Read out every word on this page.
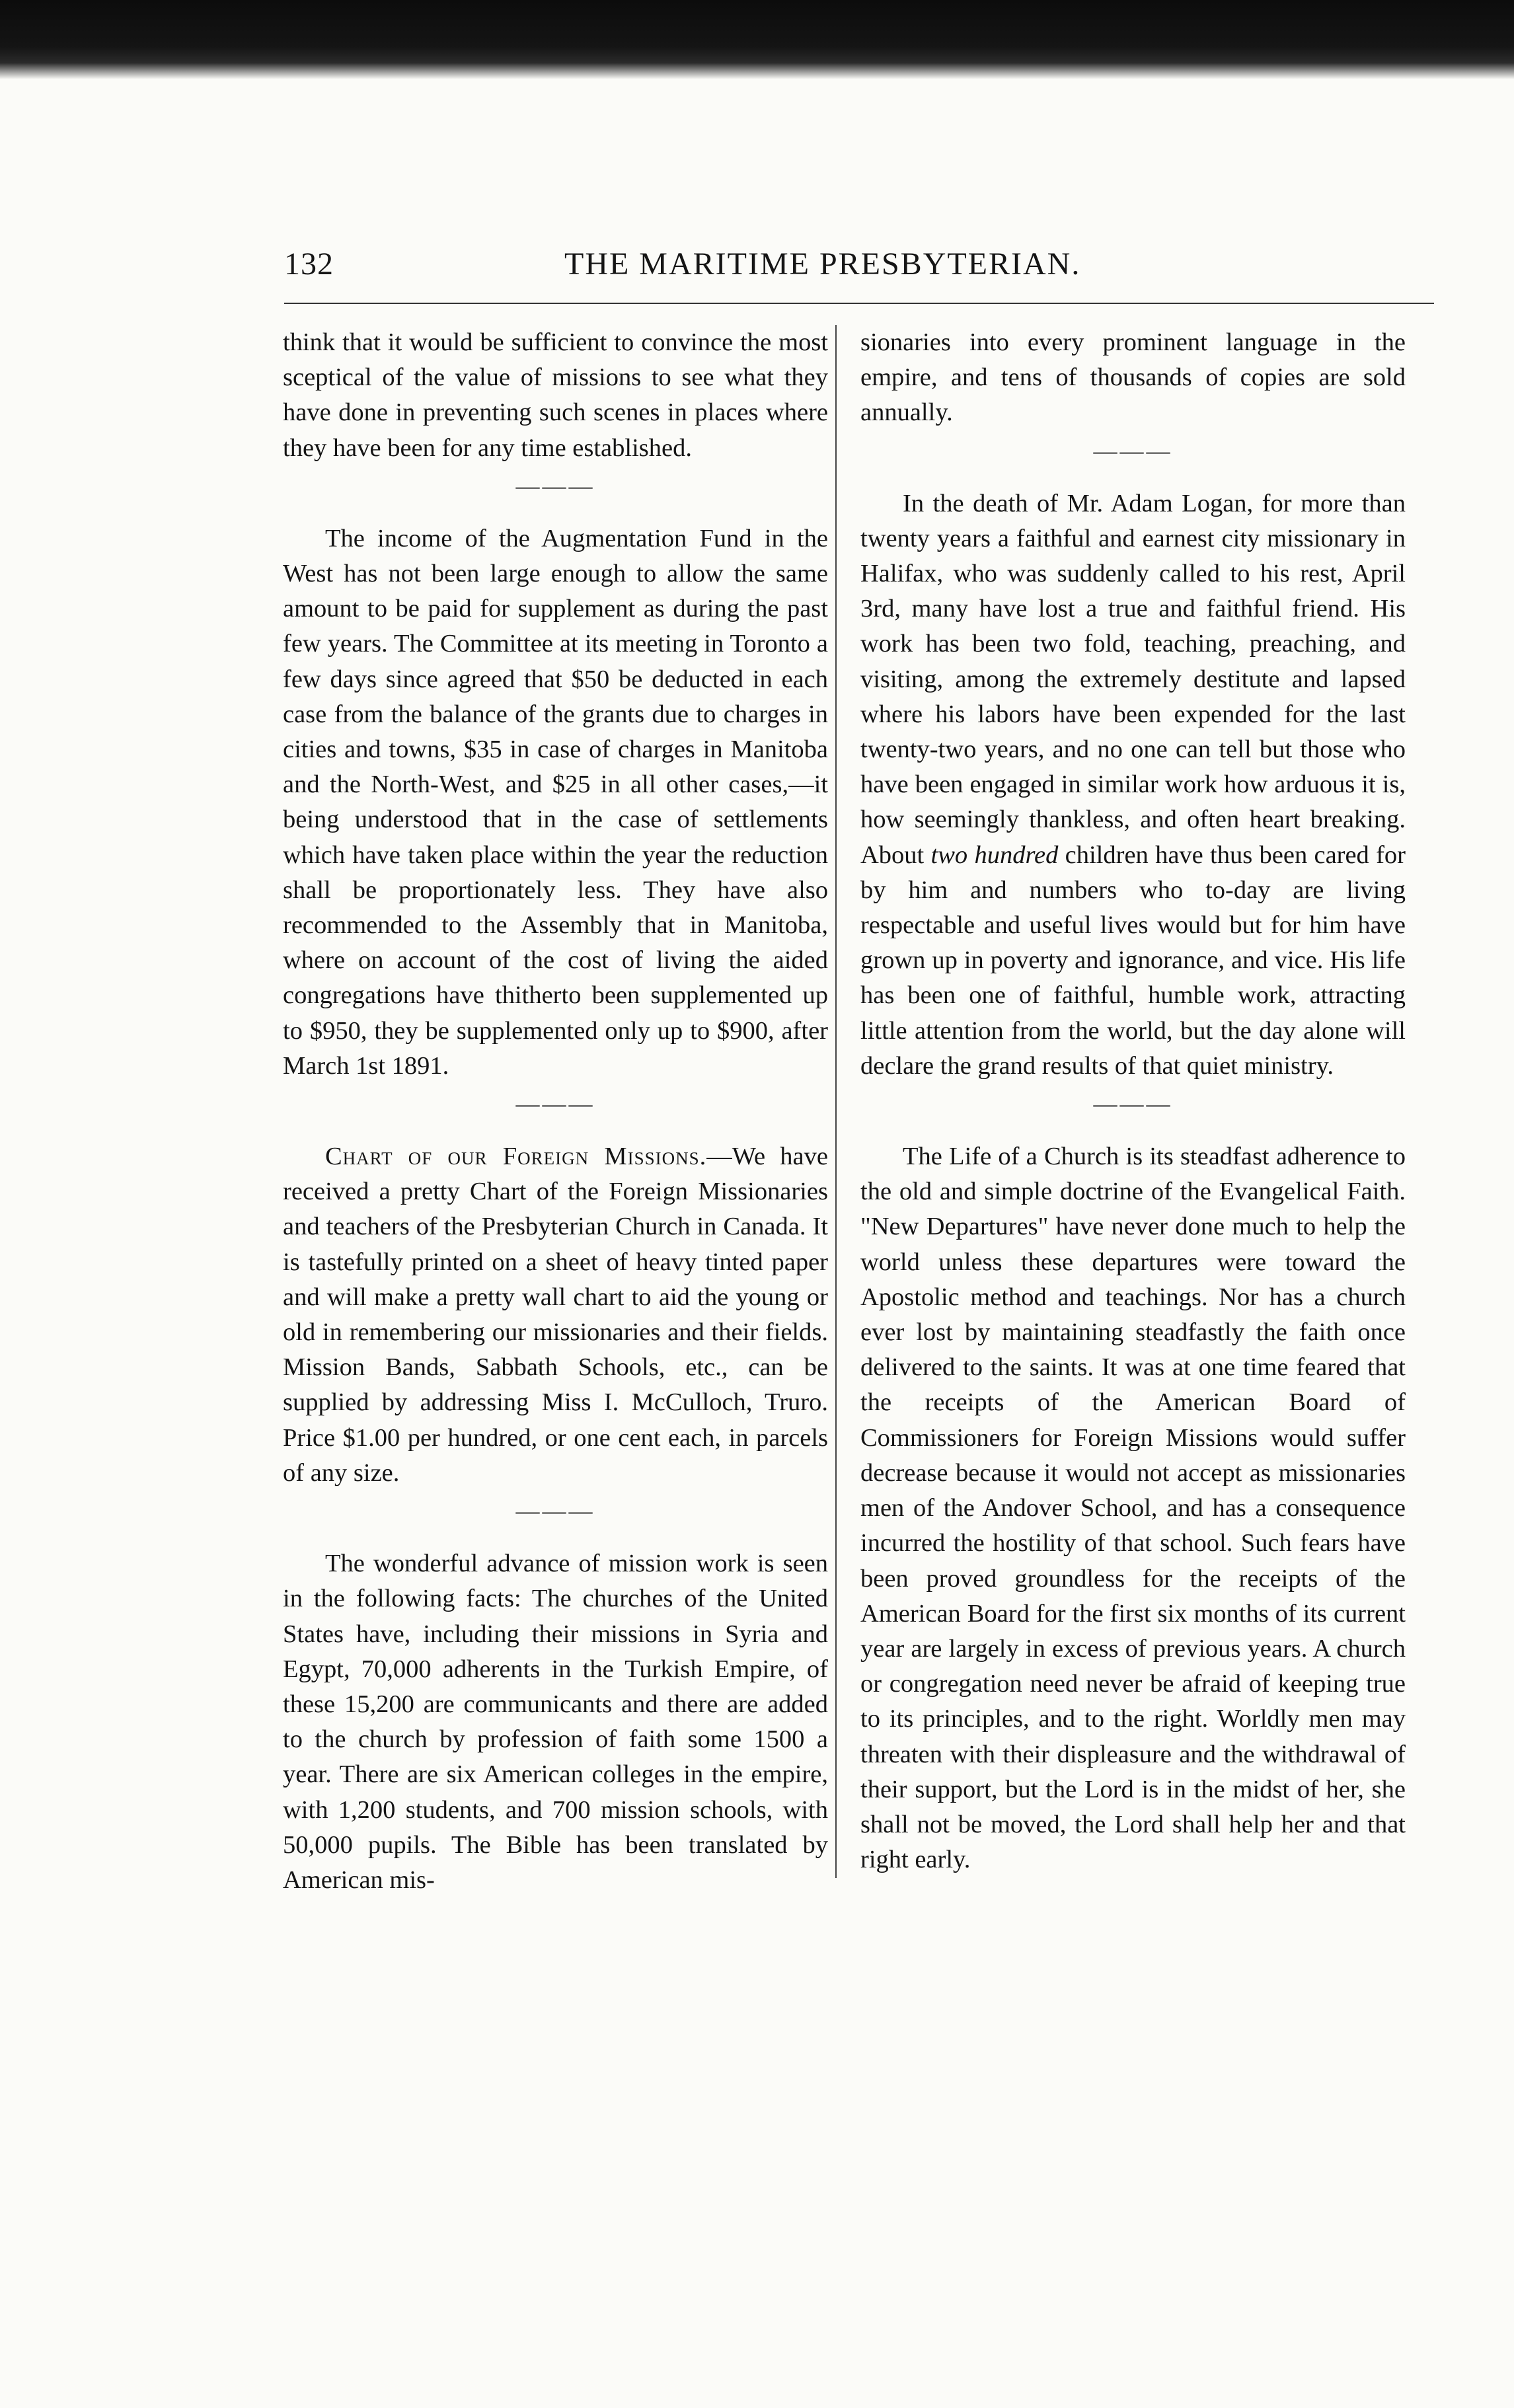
132	THE MARITIME PRESBYTERIAN.

think that it would be sufficient to convince the most sceptical of the value of missions to see what they have done in preventing such scenes in places where they have been for any time established.

———

The income of the Augmentation Fund in the West has not been large enough to allow the same amount to be paid for supplement as during the past few years. The Committee at its meeting in Toronto a few days since agreed that $50 be deducted in each case from the balance of the grants due to charges in cities and towns, $35 in case of charges in Manitoba and the North-West, and $25 in all other cases,—it being understood that in the case of settlements which have taken place within the year the reduction shall be proportionately less. They have also recommended to the Assembly that in Manitoba, where on account of the cost of living the aided congregations have thitherto been supplemented up to $950, they be supplemented only up to $900, after March 1st 1891.

———

Chart of our Foreign Missions.—We have received a pretty Chart of the Foreign Missionaries and teachers of the Presbyterian Church in Canada. It is tastefully printed on a sheet of heavy tinted paper and will make a pretty wall chart to aid the young or old in remembering our missionaries and their fields. Mission Bands, Sabbath Schools, etc., can be supplied by addressing Miss I. McCulloch, Truro. Price $1.00 per hundred, or one cent each, in parcels of any size.

———

The wonderful advance of mission work is seen in the following facts: The churches of the United States have, including their missions in Syria and Egypt, 70,000 adherents in the Turkish Empire, of these 15,200 are communicants and there are added to the church by profession of faith some 1500 a year. There are six American colleges in the empire, with 1,200 students, and 700 mission schools, with 50,000 pupils. The Bible has been translated by American mis-

sionaries into every prominent language in the empire, and tens of thousands of copies are sold annually.

———

In the death of Mr. Adam Logan, for more than twenty years a faithful and earnest city missionary in Halifax, who was suddenly called to his rest, April 3rd, many have lost a true and faithful friend. His work has been two fold, teaching, preaching, and visiting, among the extremely destitute and lapsed where his labors have been expended for the last twenty-two years, and no one can tell but those who have been engaged in similar work how arduous it is, how seemingly thankless, and often heart breaking. About two hundred children have thus been cared for by him and numbers who to-day are living respectable and useful lives would but for him have grown up in poverty and ignorance, and vice. His life has been one of faithful, humble work, attracting little attention from the world, but the day alone will declare the grand results of that quiet ministry.

———

The Life of a Church is its steadfast adherence to the old and simple doctrine of the Evangelical Faith. "New Departures" have never done much to help the world unless these departures were toward the Apostolic method and teachings. Nor has a church ever lost by maintaining steadfastly the faith once delivered to the saints. It was at one time feared that the receipts of the American Board of Commissioners for Foreign Missions would suffer decrease because it would not accept as missionaries men of the Andover School, and has a consequence incurred the hostility of that school. Such fears have been proved groundless for the receipts of the American Board for the first six months of its current year are largely in excess of previous years. A church or congregation need never be afraid of keeping true to its principles, and to the right. Worldly men may threaten with their displeasure and the withdrawal of their support, but the Lord is in the midst of her, she shall not be moved, the Lord shall help her and that right early.
